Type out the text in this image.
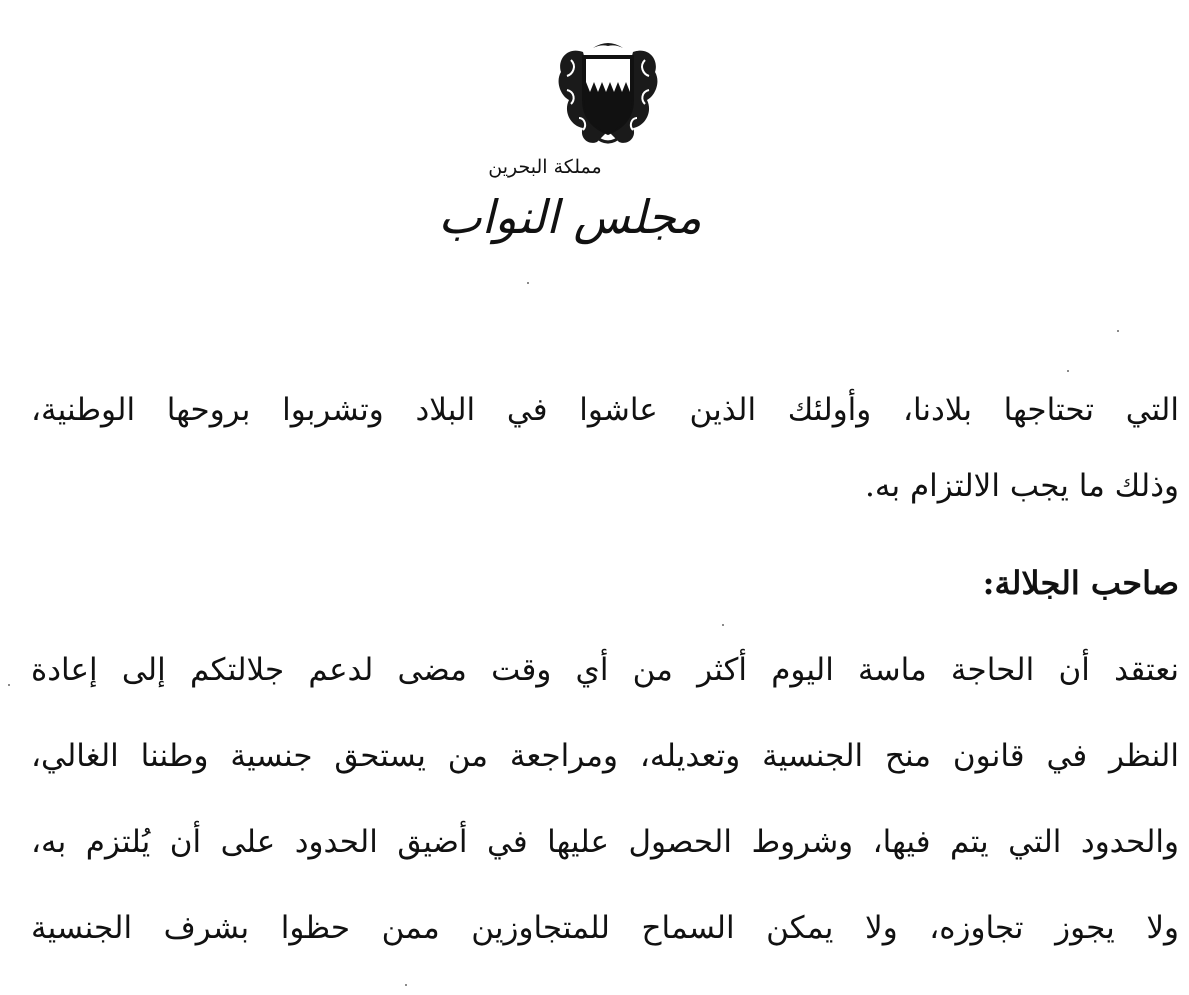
مملكة البحرين
مجلس النواب
التي تحتاجها بلادنا، وأولئك الذين عاشوا في البلاد وتشربوا بروحها الوطنية،
وذلك ما يجب الالتزام به.
صاحب الجلالة:
نعتقد أن الحاجة ماسة اليوم أكثر من أي وقت مضى لدعم جلالتكم إلى إعادة
النظر في قانون منح الجنسية وتعديله، ومراجعة من يستحق جنسية وطننا الغالي،
والحدود التي يتم فيها، وشروط الحصول عليها في أضيق الحدود على أن يُلتزم به،
ولا يجوز تجاوزه، ولا يمكن السماح للمتجاوزين ممن حظوا بشرف الجنسية
